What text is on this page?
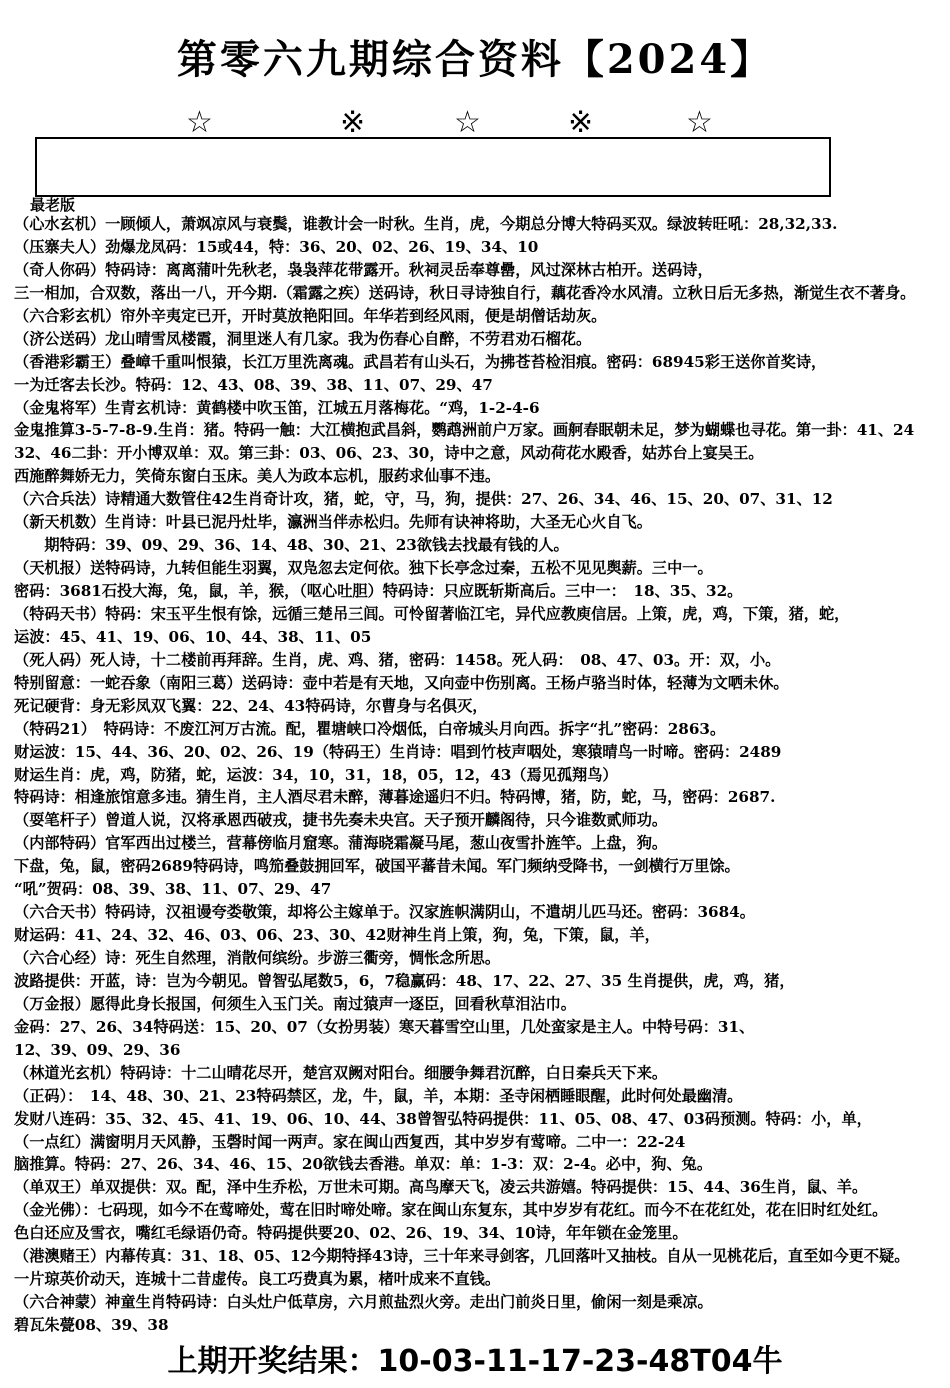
第零六九期综合资料【2024】
☆	※	☆	※	☆
最老版
（心水玄机）一顾倾人，萧飒凉风与衰鬓，谁教计会一时秋。生肖，虎，今期总分博大特码买双。绿波转旺吼：28,32,33.
（压寨夫人）劲爆龙凤码：15或44，特：36、20、02、26、19、34、10
（奇人你码）特码诗：离离蒲叶先秋老，袅袅萍花带露开。秋祠灵岳奉尊罍，风过深林古柏开。送码诗，
三一相加，合双数，落出一八，开今期.（霜露之疾）送码诗，秋日寻诗独自行，藕花香冷水风清。立秋日后无多热，渐觉生衣不著身。
（六合彩玄机）帘外辛夷定已开，开时莫放艳阳回。年华若到经风雨，便是胡僧话劫灰。
（济公送码）龙山晴雪凤楼霞，洞里迷人有几家。我为伤春心自醉，不劳君劝石榴花。
（香港彩霸王）叠嶂千重叫恨猿，长江万里洗离魂。武昌若有山头石，为拂苍苔检泪痕。密码：68945彩王送你首奖诗，
一为迁客去长沙。特码：12、43、08、39、38、11、07、29、47
（金鬼将军）生青玄机诗：黄鹤楼中吹玉笛，江城五月落梅花。“鸡，1-2-4-6
金鬼推算3-5-7-8-9.生肖：猪。特码一触：大江横抱武昌斜，鹦鹉洲前户万家。画舸春眠朝未足，梦为蝴蝶也寻花。第一卦：41、24
32、46二卦：开小博双单：双。第三卦：03、06、23、30，诗中之意，风动荷花水殿香，姑苏台上宴吴王。
西施醉舞娇无力，笑倚东窗白玉床。美人为政本忘机，服药求仙事不违。
（六合兵法）诗精通大数管住42生肖奇计攻，猪，蛇，守，马，狗，提供：27、26、34、46、15、20、07、31、12
（新天机数）生肖诗：叶县已泥丹灶毕，瀛洲当伴赤松归。先师有诀神将助，大圣无心火自飞。
　　期特码：39、09、29、36、14、48、30、21、23欲钱去找最有钱的人。
（天机报）送特码诗，九转但能生羽翼，双凫忽去定何依。独下长亭念过秦，五松不见见舆薪。三中一。
密码：3681石投大海，兔，鼠，羊，猴，（呕心吐胆）特码诗：只应既斩斯高后。三中一：　18、35、32。
（特码天书）特码：宋玉平生恨有馀，远循三楚吊三闾。可怜留著临江宅，异代应教庾信居。上策，虎，鸡，下策，猪，蛇，
运波：45、41、19、06、10、44、38、11、05
（死人码）死人诗，十二楼前再拜辞。生肖，虎、鸡、猪，密码：1458。死人码：　08、47、03。开：双，小。
特别留意：一蛇吞象（南阳三葛）送码诗：壶中若是有天地，又向壶中伤别离。王杨卢骆当时体，轻薄为文哂未休。
死记硬背：身无彩凤双飞翼：22、24、43特码诗，尔曹身与名俱灭，
（特码21）　特码诗：不废江河万古流。配，瞿塘峡口冷烟低，白帝城头月向西。拆字“扎”密码：2863。
财运波：15、44、36、20、02、26、19（特码王）生肖诗：唱到竹枝声咽处，寒猿晴鸟一时啼。密码：2489
财运生肖：虎，鸡，防猪，蛇，运波：34，10，31，18，05，12，43（焉见孤翔鸟）
特码诗：相逢旅馆意多违。猜生肖，主人酒尽君未醉，薄暮途遥归不归。特码博，猪，防，蛇，马，密码：2687.
（耍笔杆子）曾道人说，汉将承恩西破戎，捷书先奏未央宫。天子预开麟阁待，只今谁数贰师功。
（内部特码）官军西出过楼兰，营幕傍临月窟寒。蒲海晓霜凝马尾，葱山夜雪扑旌竿。上盘，狗。
下盘，兔，鼠，密码2689特码诗，鸣笳叠鼓拥回军，破国平蕃昔未闻。军门频纳受降书，一剑横行万里馀。
“吼”贺码：08、39、38、11、07、29、47
（六合天书）特码诗，汉祖谩夸娄敬策，却将公主嫁单于。汉家旌帜满阴山，不遣胡儿匹马还。密码：3684。
财运码：41、24、32、46、03、06、23、30、42财神生肖上策，狗，兔，下策，鼠，羊，
（六合心经）诗：死生自然理，消散何缤纷。步游三衢旁，惆怅念所思。
波路提供：开蓝，诗：岂为今朝见。曾智弘尾数5，6，7稳赢码：48、17、22、27、35 生肖提供，虎，鸡，猪，
（万金报）愿得此身长报国，何须生入玉门关。南过猿声一逐臣，回看秋草泪沾巾。
金码：27、26、34特码送：15、20、07（女扮男装）寒天暮雪空山里，几处蛮家是主人。中特号码：31、
12、39、09、29、36
（林道光玄机）特码诗：十二山晴花尽开，楚宫双阙对阳台。细腰争舞君沉醉，白日秦兵天下来。
（正码）：　14、48、30、21、23特码禁区，龙，牛，鼠，羊，本期：圣寺闲栖睡眼醒，此时何处最幽清。
发财八连码：35、32、45、41、19、06、10、44、38曾智弘特码提供：11、05、08、47、03码预测。特码：小，单，
（一点红）满窗明月天风静，玉磬时闻一两声。家在闽山西复西，其中岁岁有莺啼。二中一：22-24
脑推算。特码：27、26、34、46、15、20欲钱去香港。单双：单：1-3：双：2-4。必中，狗、兔。
（单双王）单双提供：双。配，泽中生乔松，万世未可期。高鸟摩天飞，凌云共游嬉。特码提供：15、44、36生肖，鼠、羊。
（金光佛）：七码现，如今不在莺啼处，莺在旧时啼处啼。家在闽山东复东，其中岁岁有花红。而今不在花红处，花在旧时红处红。
色白还应及雪衣，嘴红毛绿语仍奇。特码提供要20、02、26、19、34、10诗，年年锁在金笼里。
（港澳赌王）内幕传真：31、18、05、12今期特择43诗，三十年来寻剑客，几回落叶又抽枝。自从一见桃花后，直至如今更不疑。
一片琼英价动天，连城十二昔虚传。良工巧费真为累，楮叶成来不直钱。
（六合神蒙）神童生肖特码诗：白头灶户低草房，六月煎盐烈火旁。走出门前炎日里，偷闲一刻是乘凉。
碧瓦朱甍08、39、38
上期开奖结果：10-03-11-17-23-48T04牛
